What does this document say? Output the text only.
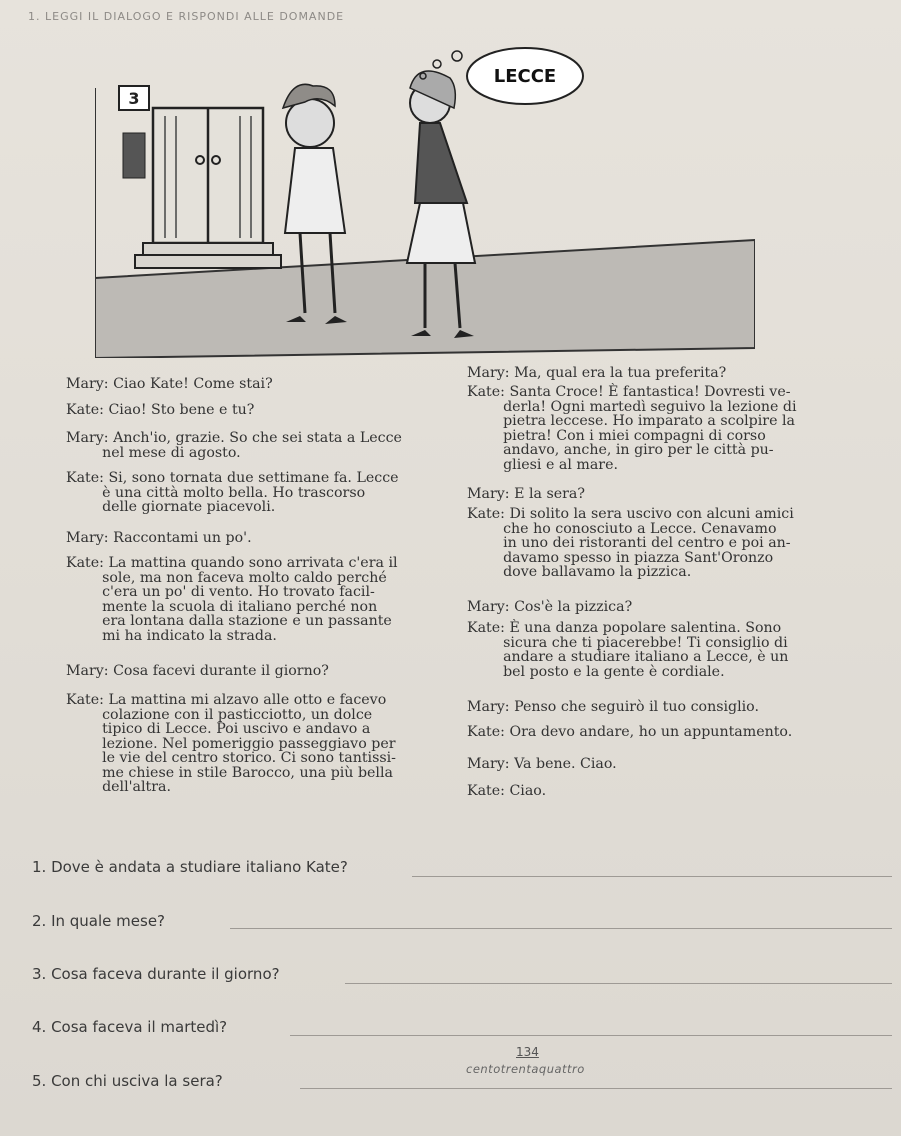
1. LEGGI IL DIALOGO E RISPONDI ALLE DOMANDE
3
LECCE
Mary: Ciao Kate! Come stai?
Kate: Ciao! Sto bene e tu?
Mary: Anch'io, grazie. So che sei stata a Lecce
nel mese di agosto.
Kate: Si, sono tornata due settimane fa. Lecce
è una città molto bella. Ho trascorso
delle giornate piacevoli.
Mary: Raccontami un po'.
Kate: La mattina quando sono arrivata c'era il
sole, ma non faceva molto caldo perché
c'era un po' di vento. Ho trovato facil-
mente la scuola di italiano perché non
era lontana dalla stazione e un passante
mi ha indicato la strada.
Mary: Cosa facevi durante il giorno?
Kate: La mattina mi alzavo alle otto e facevo
colazione con il pasticciotto, un dolce
tipico di Lecce. Poi uscivo e andavo a
lezione. Nel pomeriggio passeggiavo per
le vie del centro storico. Ci sono tantissi-
me chiese in stile Barocco, una più bella
dell'altra.
Mary: Ma, qual era la tua preferita?
Kate: Santa Croce! È fantastica! Dovresti ve-
derla! Ogni martedì seguivo la lezione di
pietra leccese. Ho imparato a scolpire la
pietra! Con i miei compagni di corso
andavo, anche, in giro per le città pu-
gliesi e al mare.
Mary: E la sera?
Kate: Di solito la sera uscivo con alcuni amici
che ho conosciuto a Lecce. Cenavamo
in uno dei ristoranti del centro e poi an-
davamo spesso in piazza Sant'Oronzo
dove ballavamo la pizzica.
Mary: Cos'è la pizzica?
Kate: È una danza popolare salentina. Sono
sicura che ti piacerebbe! Ti consiglio di
andare a studiare italiano a Lecce, è un
bel posto e la gente è cordiale.
Mary: Penso che seguirò il tuo consiglio.
Kate: Ora devo andare, ho un appuntamento.
Mary: Va bene. Ciao.
Kate: Ciao.
1. Dove è andata a studiare italiano Kate?
2. In quale mese?
3. Cosa faceva durante il giorno?
4. Cosa faceva il martedì?
5. Con chi usciva la sera?
134
centotrentaquattro
